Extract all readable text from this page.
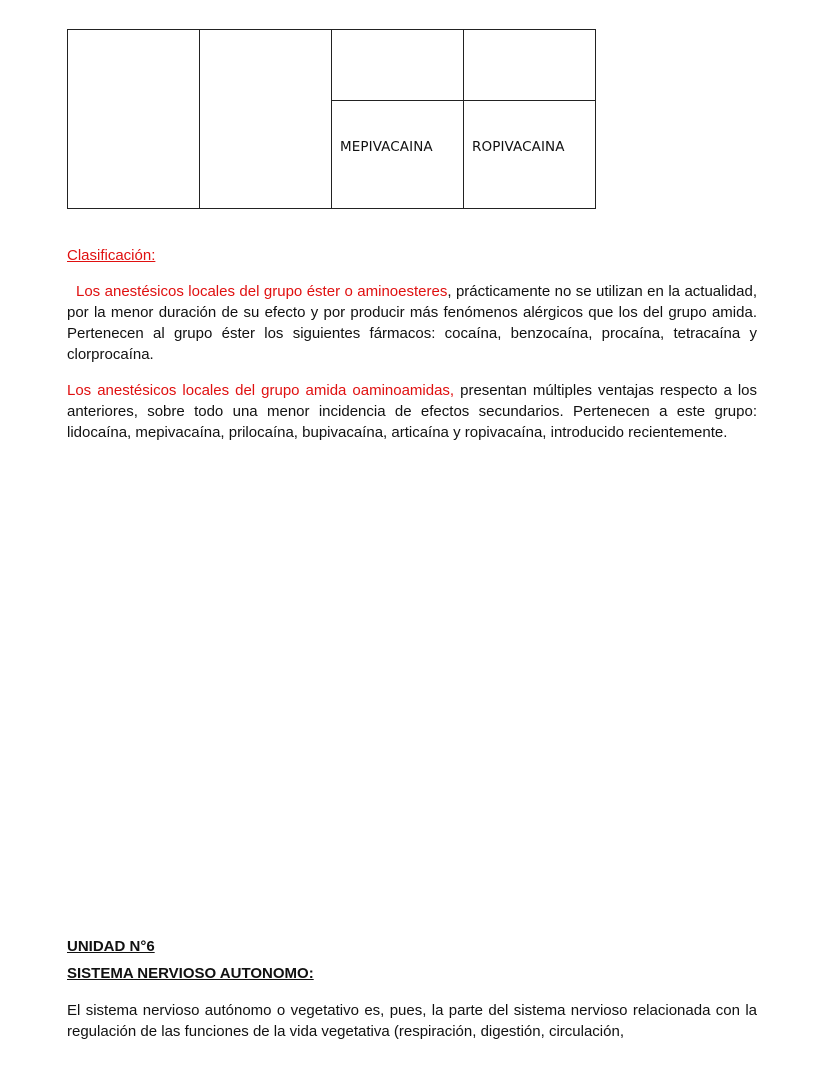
MEPIVACAINA	ROPIVACAINA
Clasificación:

Los anestésicos locales del grupo éster o aminoesteres, prácticamente no se utilizan en la actualidad, por la menor duración de su efecto y por producir más fenómenos alérgicos que los del grupo amida. Pertenecen al grupo éster los siguientes fármacos: cocaína, benzocaína, procaína, tetracaína y clorprocaína.

Los anestésicos locales del grupo amida oaminoamidas, presentan múltiples ventajas respecto a los anteriores, sobre todo una menor incidencia de efectos secundarios. Pertenecen a este grupo: lidocaína, mepivacaína, prilocaína, bupivacaína, articaína y ropivacaína, introducido recientemente.

UNIDAD N°6
SISTEMA NERVIOSO AUTONOMO:

El sistema nervioso autónomo o vegetativo es, pues, la parte del sistema nervioso relacionada con la regulación de las funciones de la vida vegetativa (respiración, digestión, circulación,
